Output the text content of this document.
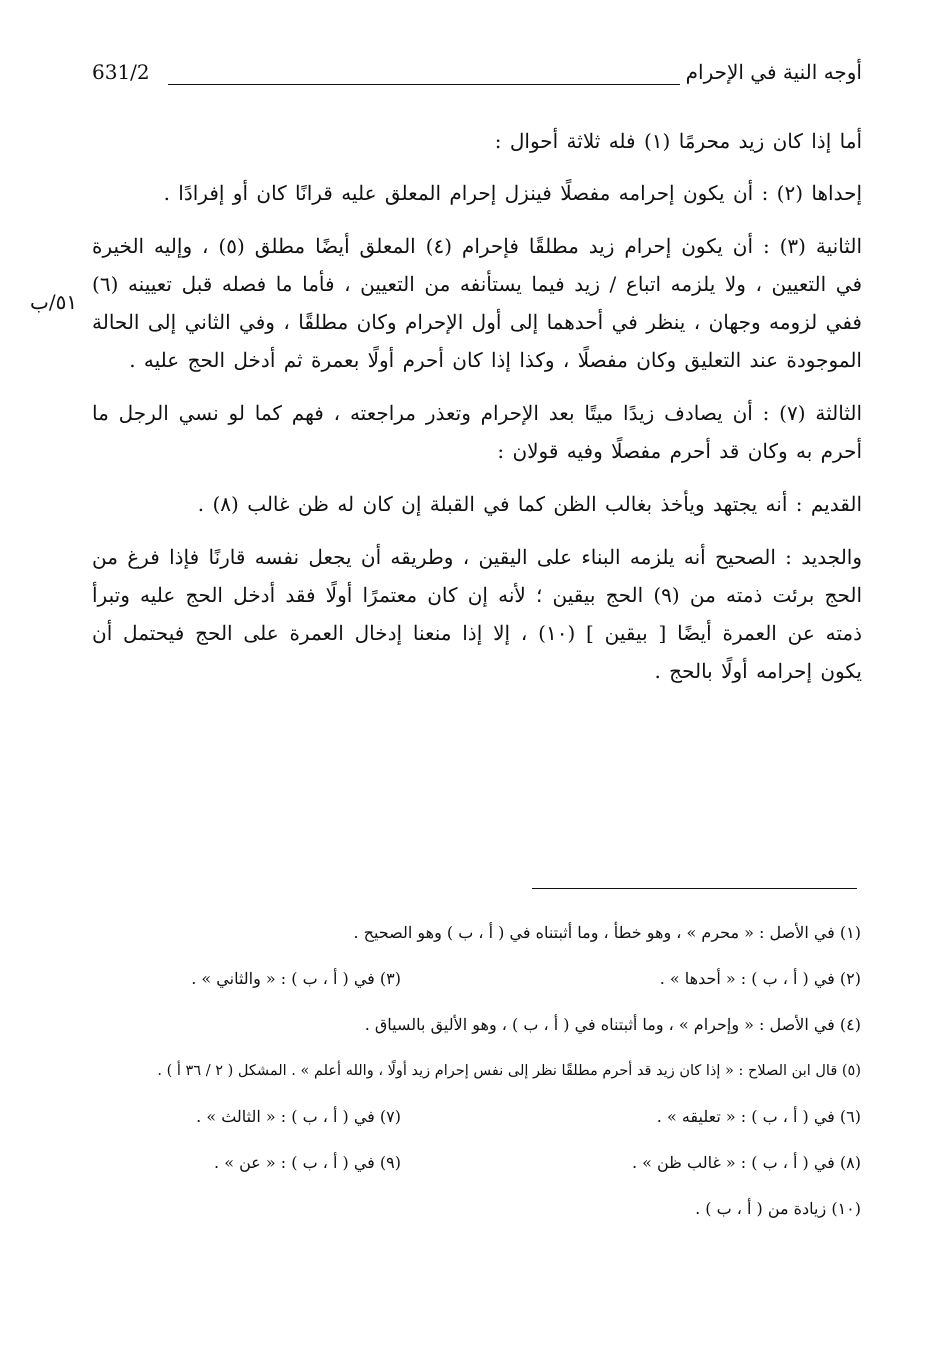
أوجه النية في الإحرام
631/2
٥١/ب

أما إذا كان زيد محرمًا (١) فله ثلاثة أحوال :

إحداها (٢) : أن يكون إحرامه مفصلًا فينزل إحرام المعلق عليه قرانًا كان أو إفرادًا .

الثانية (٣) : أن يكون إحرام زيد مطلقًا فإحرام (٤) المعلق أيضًا مطلق (٥) ، وإليه الخيرة في التعيين ، ولا يلزمه اتباع / زيد فيما يستأنفه من التعيين ، فأما ما فصله قبل تعيينه (٦) ففي لزومه وجهان ، ينظر في أحدهما إلى أول الإحرام وكان مطلقًا ، وفي الثاني إلى الحالة الموجودة عند التعليق وكان مفصلًا ، وكذا إذا كان أحرم أولًا بعمرة ثم أدخل الحج عليه .

الثالثة (٧) : أن يصادف زيدًا ميتًا بعد الإحرام وتعذر مراجعته ، فهم كما لو نسي الرجل ما أحرم به وكان قد أحرم مفصلًا وفيه قولان :

القديم : أنه يجتهد ويأخذ بغالب الظن كما في القبلة إن كان له ظن غالب (٨) .

والجديد : الصحيح أنه يلزمه البناء على اليقين ، وطريقه أن يجعل نفسه قارنًا فإذا فرغ من الحج برئت ذمته من (٩) الحج بيقين ؛ لأنه إن كان معتمرًا أولًا فقد أدخل الحج عليه وتبرأ ذمته عن العمرة أيضًا [ بيقين ] (١٠) ، إلا إذا منعنا إدخال العمرة على الحج فيحتمل أن يكون إحرامه أولًا بالحج .

(١) في الأصل : « محرم » ، وهو خطأ ، وما أثبتناه في ( أ ، ب ) وهو الصحيح .
(٢) في ( أ ، ب ) : « أحدها » .
(٣) في ( أ ، ب ) : « والثاني » .
(٤) في الأصل : « وإحرام » ، وما أثبتناه في ( أ ، ب ) ، وهو الأليق بالسياق .
(٥) قال ابن الصلاح : « إذا كان زيد قد أحرم مطلقًا نظر إلى نفس إحرام زيد أولًا ، والله أعلم » . المشكل ( ٢ / ٣٦ أ ) .
(٦) في ( أ ، ب ) : « تعليقه » .
(٧) في ( أ ، ب ) : « الثالث » .
(٨) في ( أ ، ب ) : « غالب ظن » .
(٩) في ( أ ، ب ) : « عن » .
(١٠) زيادة من ( أ ، ب ) .
